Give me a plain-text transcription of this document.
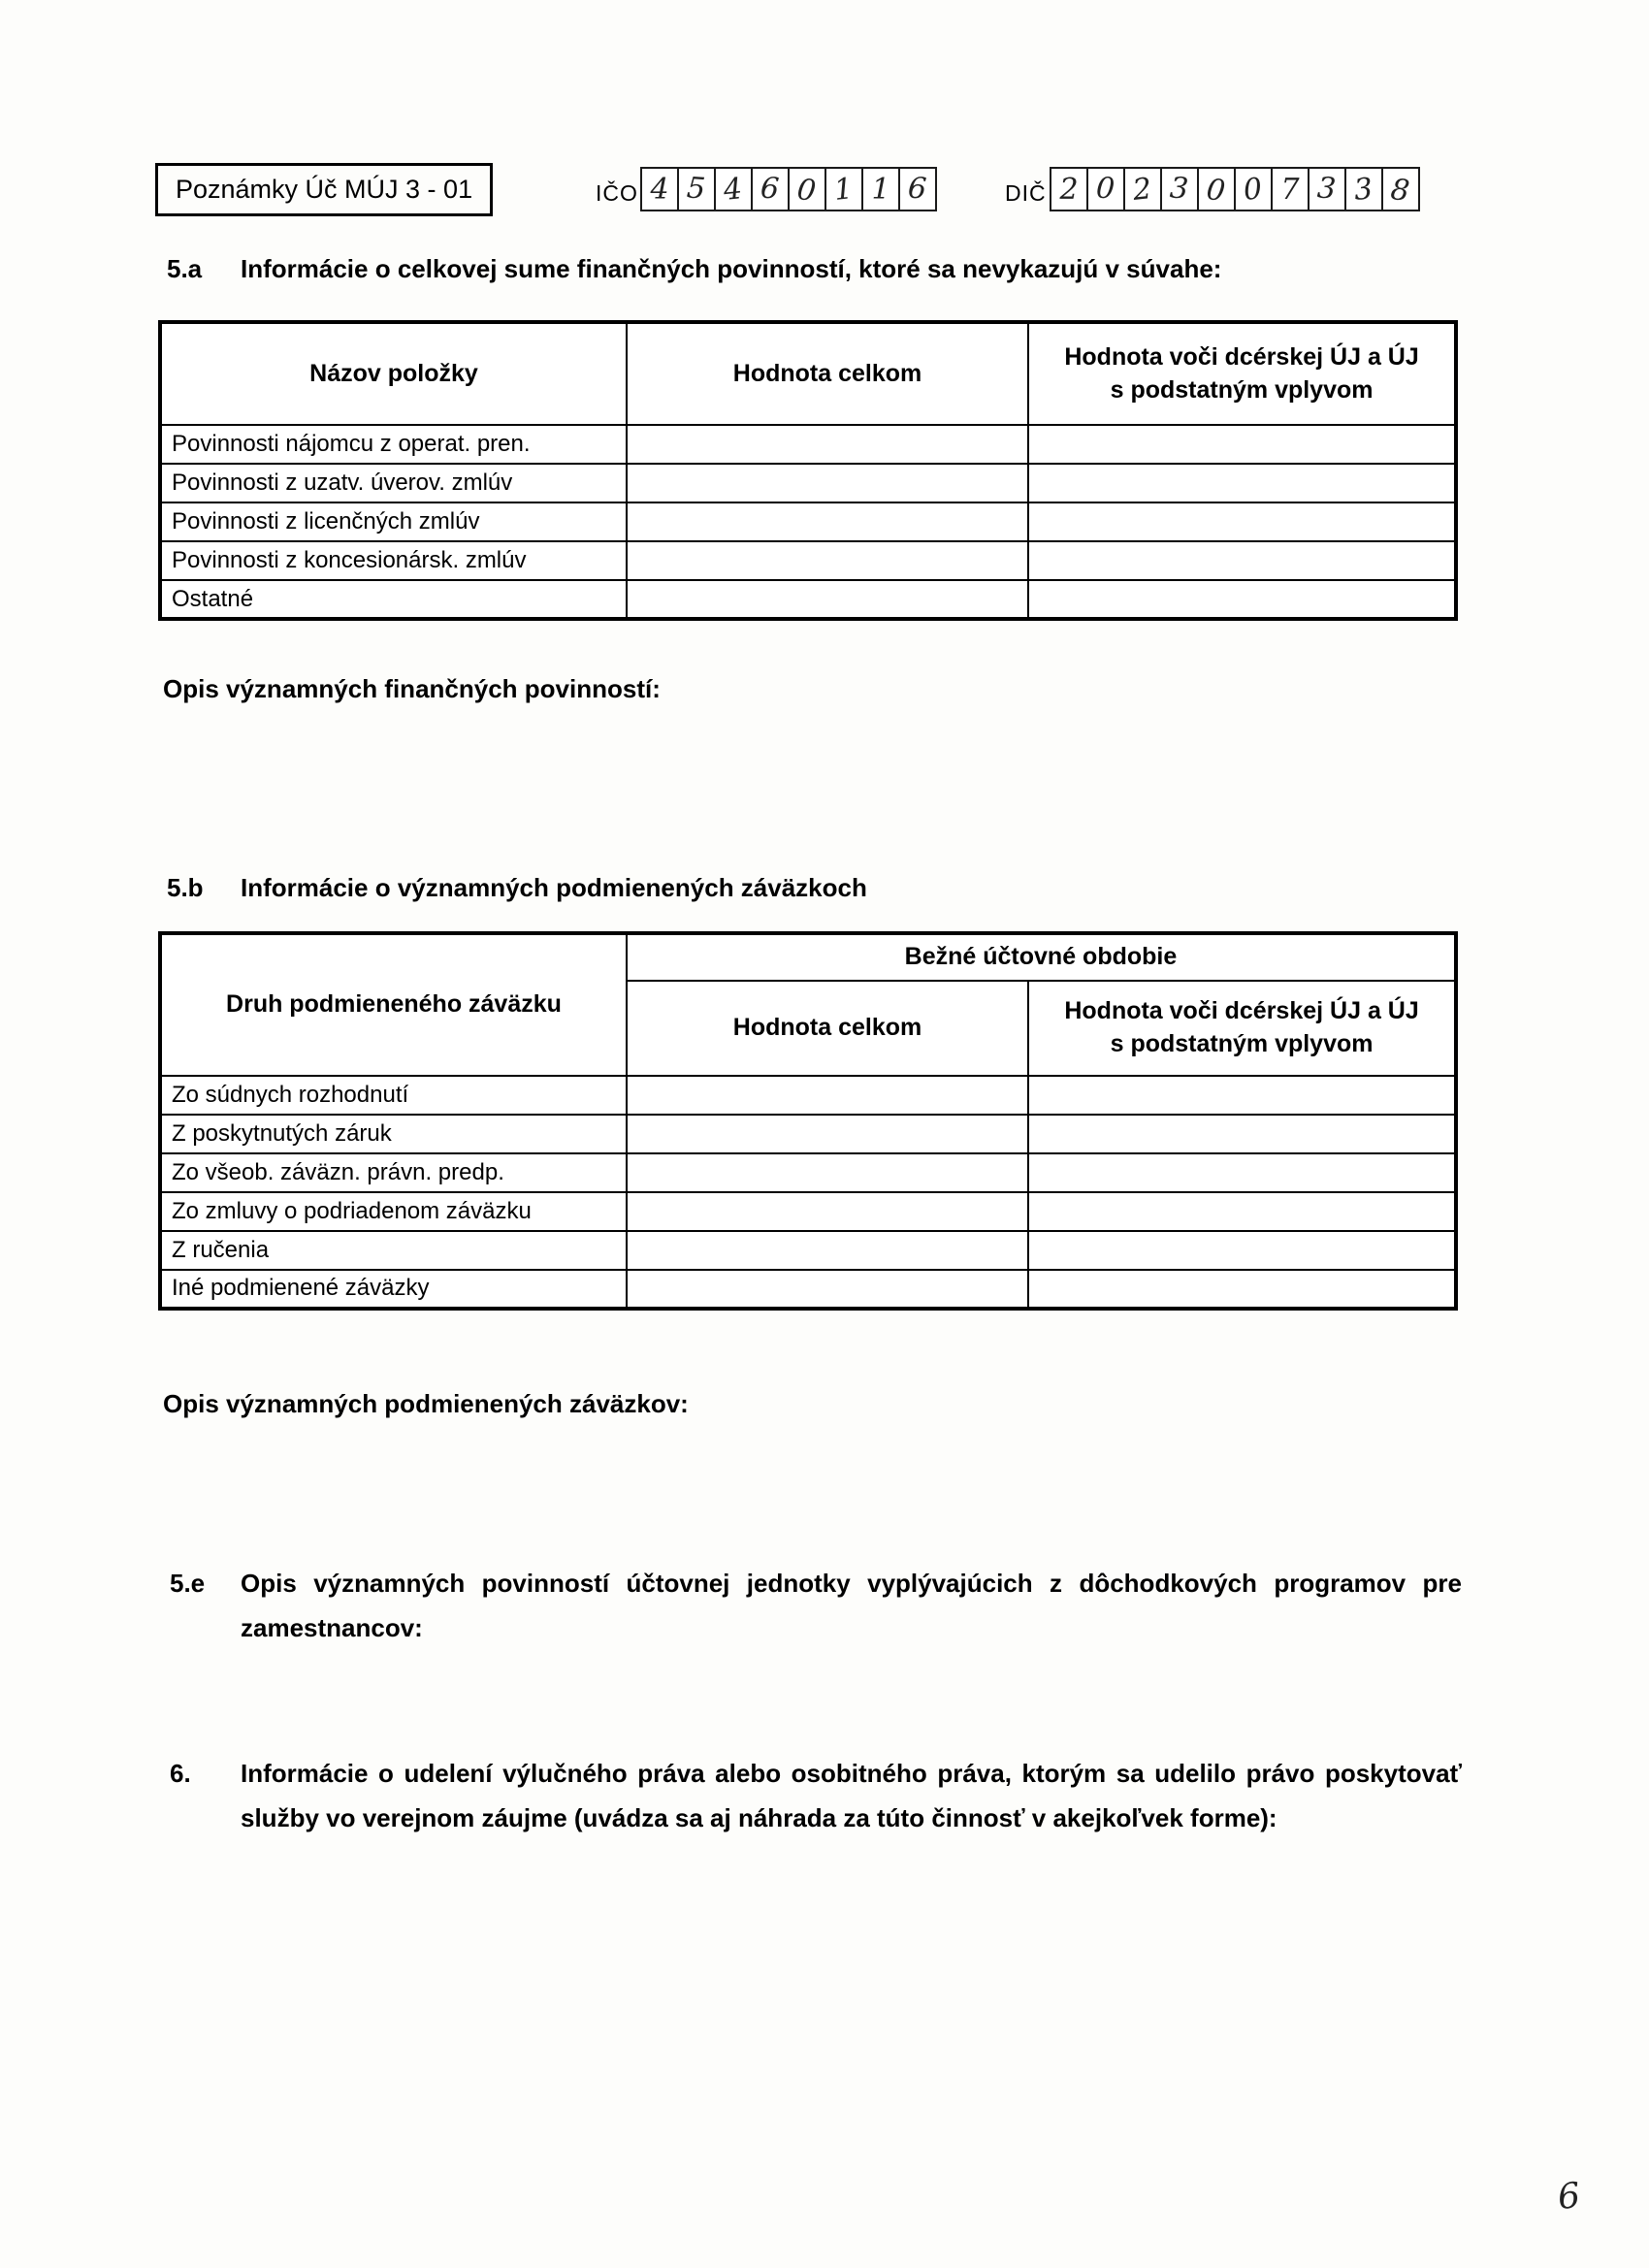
Poznámky Úč MÚJ 3 - 01	IČO 4 5 4 6 0 1 1 6	DIČ 2 0 2 3 0 0 7 3 3 8
5.a	Informácie o celkovej sume finančných povinností, ktoré sa nevykazujú v súvahe:
Názov položky	Hodnota celkom	Hodnota voči dcérskej ÚJ a ÚJ s podstatným vplyvom
Povinnosti nájomcu z operat. pren.		
Povinnosti z uzatv. úverov. zmlúv		
Povinnosti z licenčných zmlúv		
Povinnosti z koncesionársk. zmlúv		
Ostatné		
Opis významných finančných povinností:
5.b	Informácie o významných podmienených záväzkoch
Druh podmieneného záväzku	Bežné účtovné obdobie	
	Hodnota celkom	Hodnota voči dcérskej ÚJ a ÚJ s podstatným vplyvom
Zo súdnych rozhodnutí		
Z poskytnutých záruk		
Zo všeob. záväzn. právn. predp.		
Zo zmluvy o podriadenom záväzku		
Z ručenia		
Iné podmienené záväzky		
Opis významných podmienených záväzkov:
5.e	Opis významných povinností účtovnej jednotky vyplývajúcich z dôchodkových programov pre zamestnancov:
6.	Informácie o udelení výlučného práva alebo osobitného práva, ktorým sa udelilo právo poskytovať služby vo verejnom záujme (uvádza sa aj náhrada za túto činnosť v akejkoľvek forme):
6
